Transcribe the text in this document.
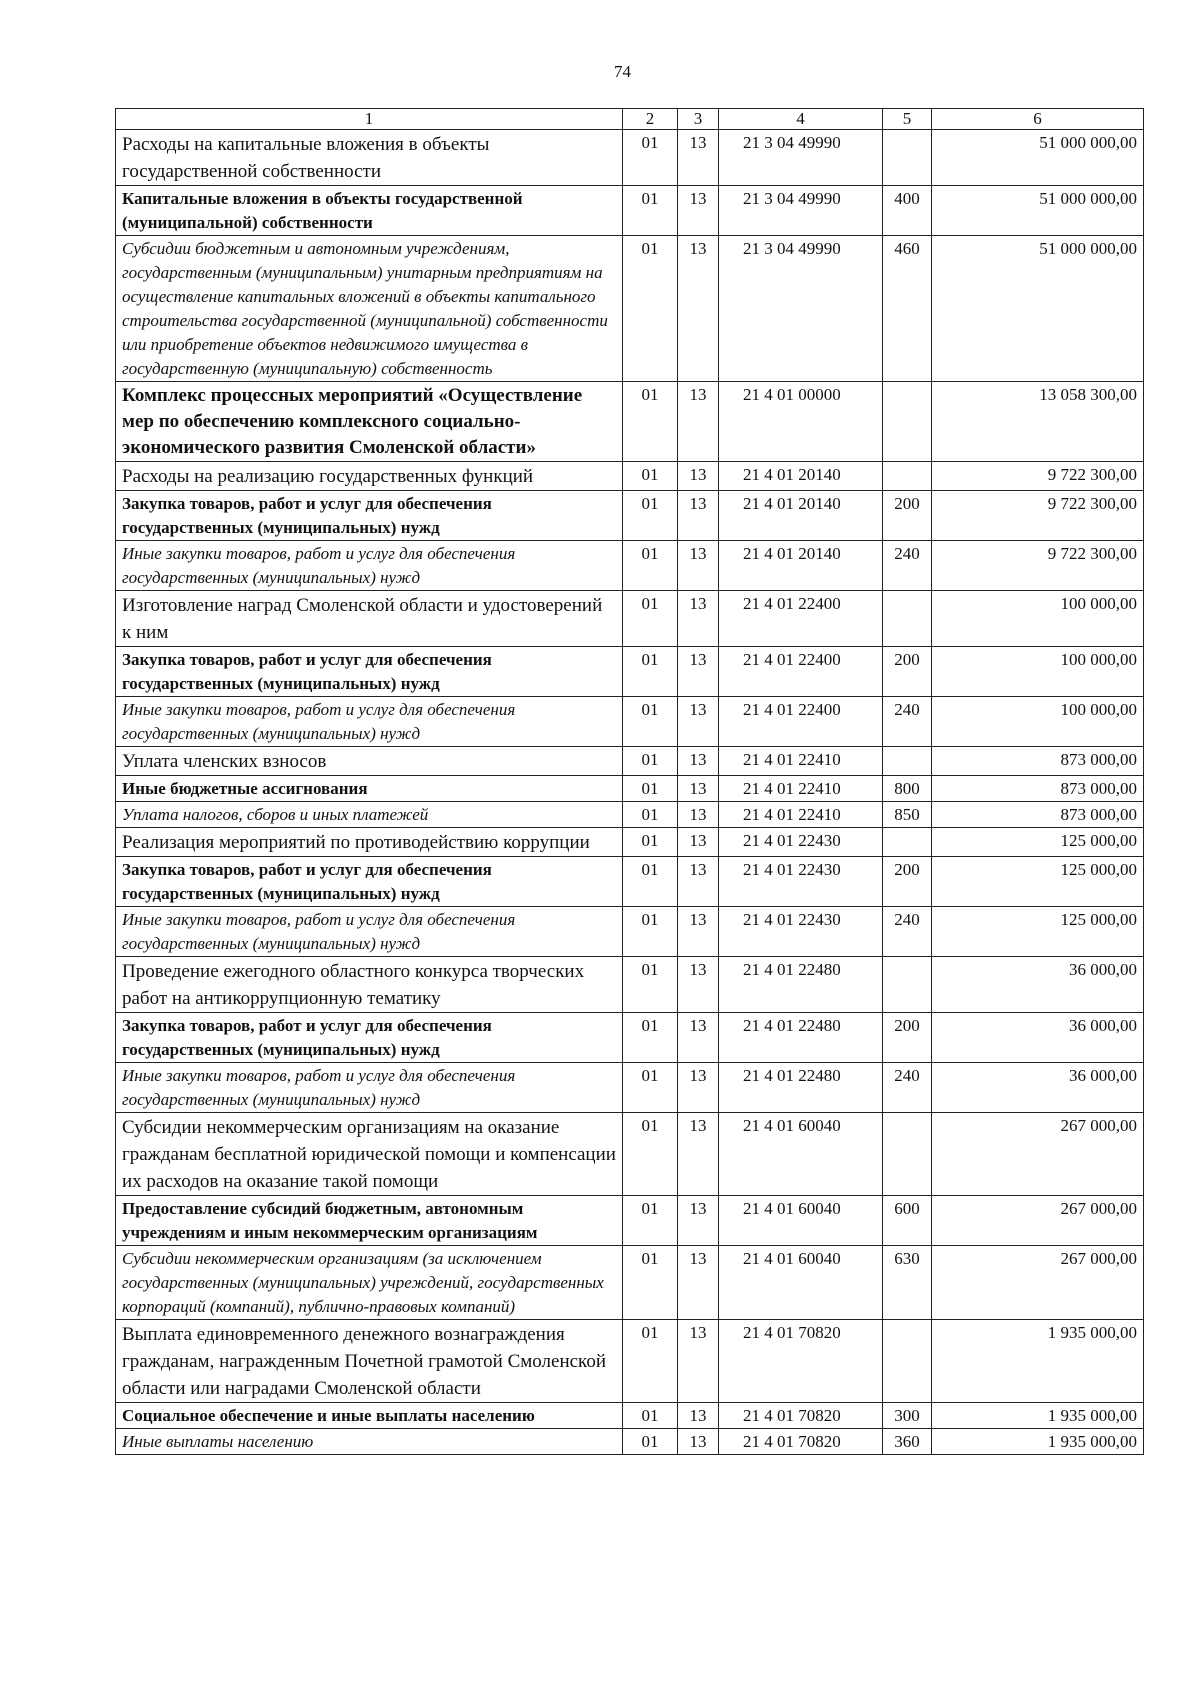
74
1	2	3	4	5	6
Расходы на капитальные вложения в объекты государственной собственности	01	13	21 3 04 49990		51 000 000,00
Капитальные вложения в объекты государственной (муниципальной) собственности	01	13	21 3 04 49990	400	51 000 000,00
Субсидии бюджетным и автономным учреждениям, государственным (муниципальным) унитарным предприятиям на осуществление капитальных вложений в объекты капитального строительства государственной (муниципальной) собственности или приобретение объектов недвижимого имущества в государственную (муниципальную) собственность	01	13	21 3 04 49990	460	51 000 000,00
Комплекс процессных мероприятий «Осуществление мер по обеспечению комплексного социально-экономического развития Смоленской области»	01	13	21 4 01 00000		13 058 300,00
Расходы на реализацию государственных функций	01	13	21 4 01 20140		9 722 300,00
Закупка товаров, работ и услуг для обеспечения государственных (муниципальных) нужд	01	13	21 4 01 20140	200	9 722 300,00
Иные закупки товаров, работ и услуг для обеспечения государственных (муниципальных) нужд	01	13	21 4 01 20140	240	9 722 300,00
Изготовление наград Смоленской области и удостоверений к ним	01	13	21 4 01 22400		100 000,00
Закупка товаров, работ и услуг для обеспечения государственных (муниципальных) нужд	01	13	21 4 01 22400	200	100 000,00
Иные закупки товаров, работ и услуг для обеспечения государственных (муниципальных) нужд	01	13	21 4 01 22400	240	100 000,00
Уплата членских взносов	01	13	21 4 01 22410		873 000,00
Иные бюджетные ассигнования	01	13	21 4 01 22410	800	873 000,00
Уплата налогов, сборов и иных платежей	01	13	21 4 01 22410	850	873 000,00
Реализация мероприятий по противодействию коррупции	01	13	21 4 01 22430		125 000,00
Закупка товаров, работ и услуг для обеспечения государственных (муниципальных) нужд	01	13	21 4 01 22430	200	125 000,00
Иные закупки товаров, работ и услуг для обеспечения государственных (муниципальных) нужд	01	13	21 4 01 22430	240	125 000,00
Проведение ежегодного областного конкурса творческих работ на антикоррупционную тематику	01	13	21 4 01 22480		36 000,00
Закупка товаров, работ и услуг для обеспечения государственных (муниципальных) нужд	01	13	21 4 01 22480	200	36 000,00
Иные закупки товаров, работ и услуг для обеспечения государственных (муниципальных) нужд	01	13	21 4 01 22480	240	36 000,00
Субсидии некоммерческим организациям на оказание гражданам бесплатной юридической помощи и компенсации их расходов на оказание такой помощи	01	13	21 4 01 60040		267 000,00
Предоставление субсидий бюджетным, автономным учреждениям и иным некоммерческим организациям	01	13	21 4 01 60040	600	267 000,00
Субсидии некоммерческим организациям (за исключением государственных (муниципальных) учреждений, государственных корпораций (компаний), публично-правовых компаний)	01	13	21 4 01 60040	630	267 000,00
Выплата единовременного денежного вознаграждения гражданам, награжденным Почетной грамотой Смоленской области или наградами Смоленской области	01	13	21 4 01 70820		1 935 000,00
Социальное обеспечение и иные выплаты населению	01	13	21 4 01 70820	300	1 935 000,00
Иные выплаты населению	01	13	21 4 01 70820	360	1 935 000,00
